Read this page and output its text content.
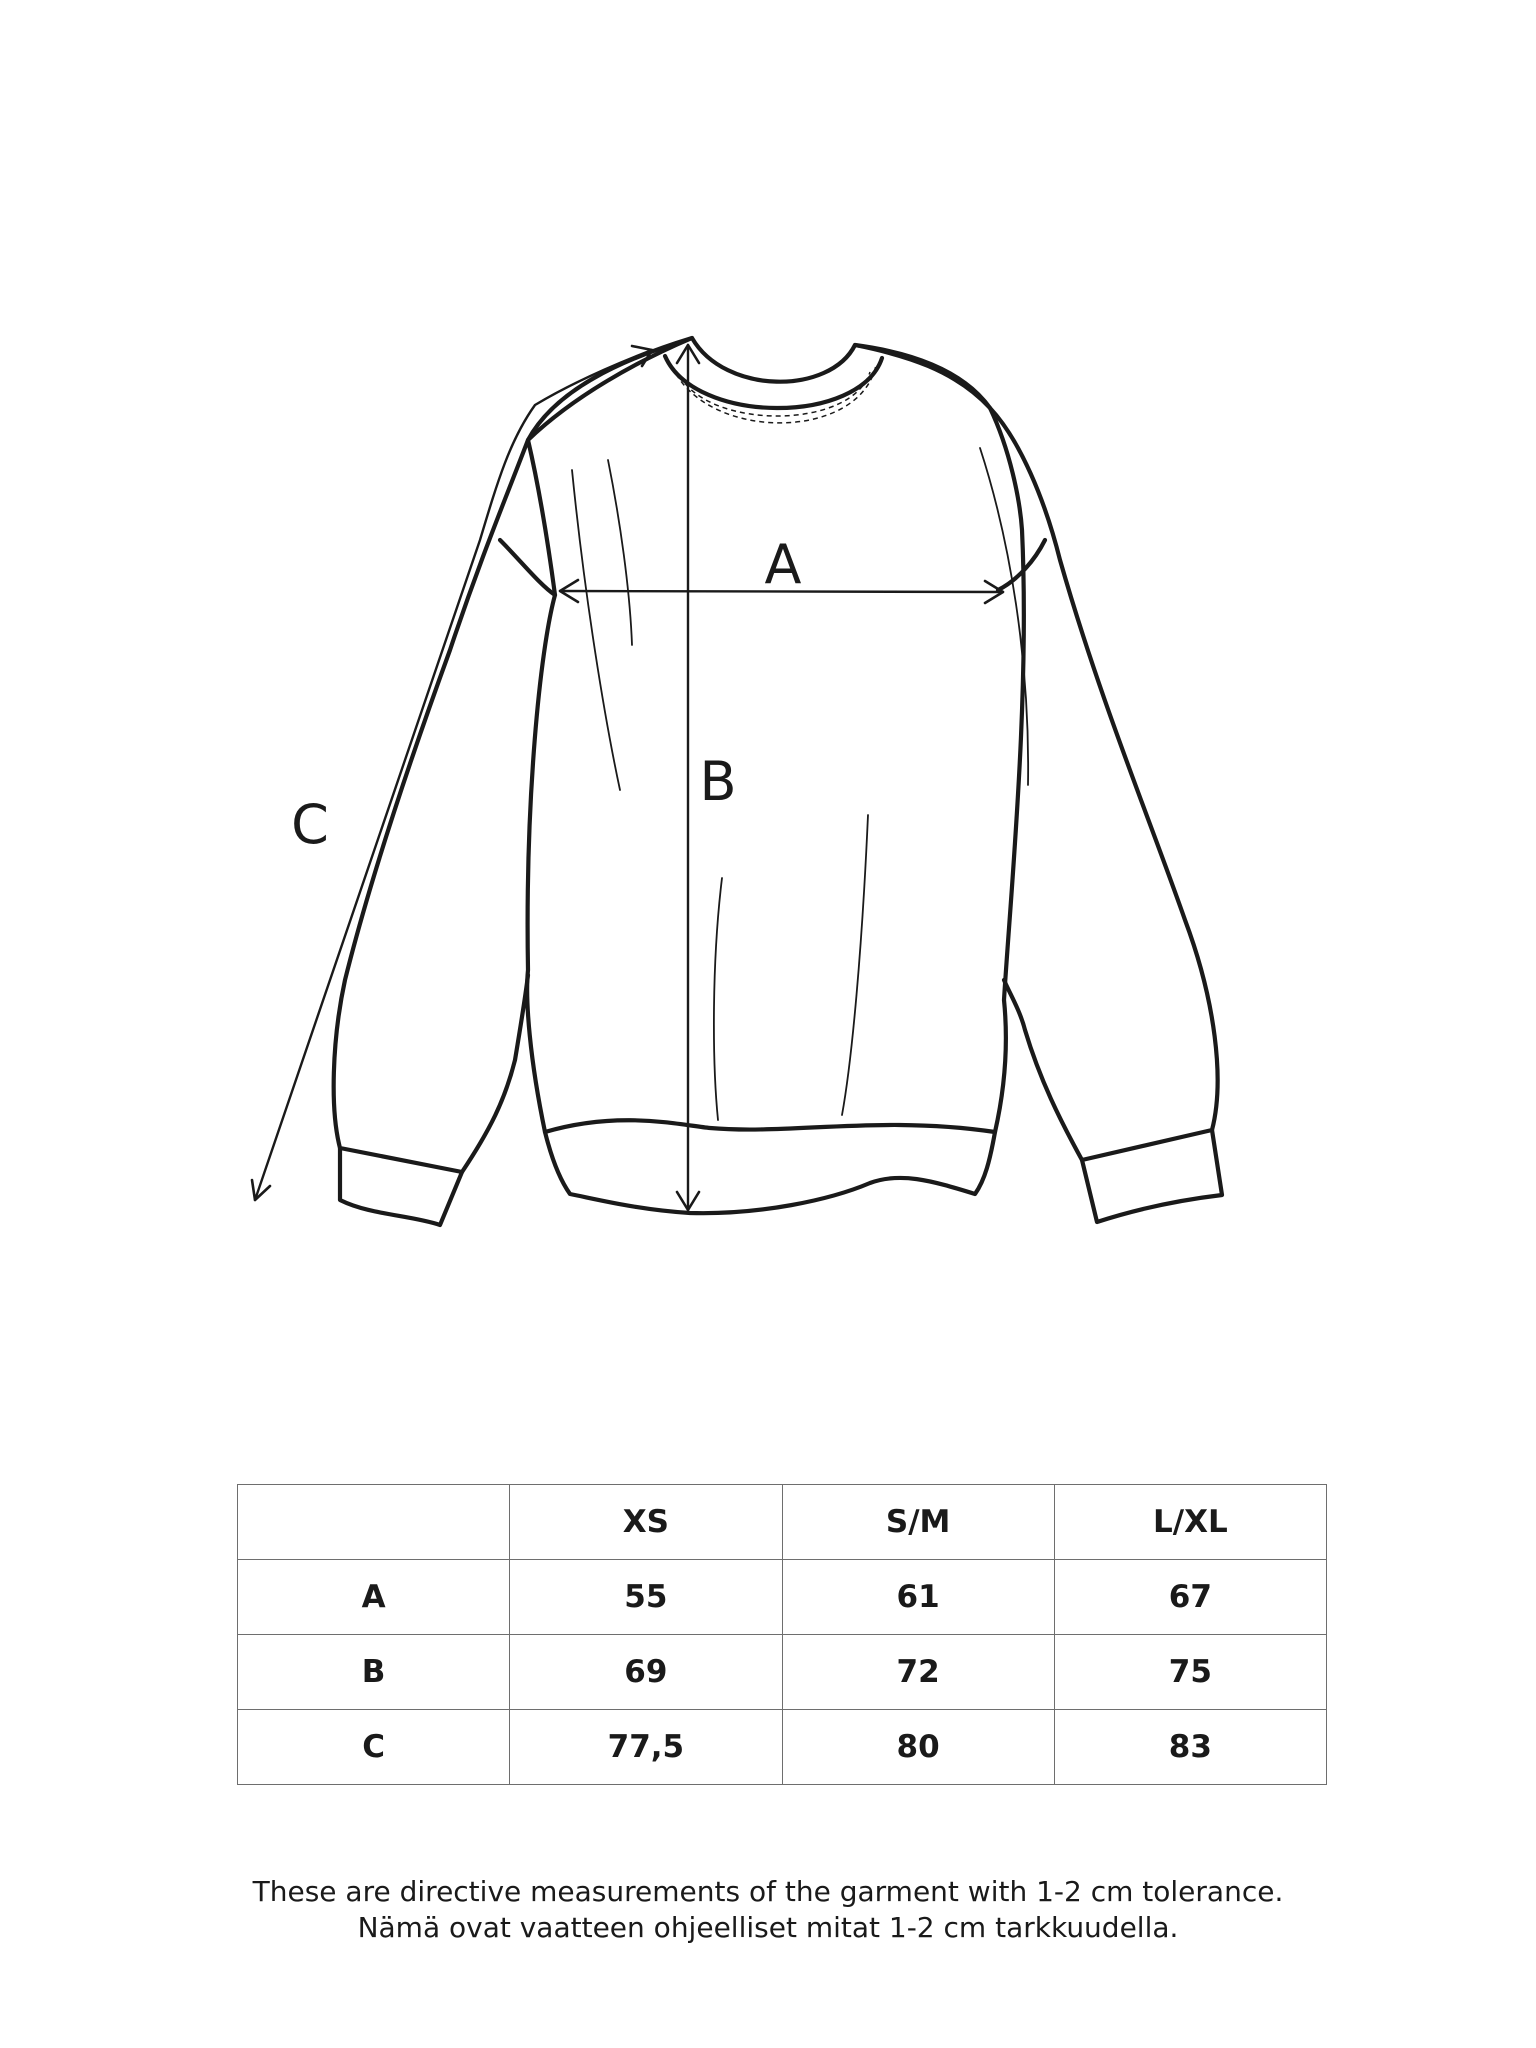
A
B
C
	XS	S/M	L/XL
A	55	61	67
B	69	72	75
C	77,5	80	83
These are directive measurements of the garment with 1-2 cm tolerance.
Nämä ovat vaatteen ohjeelliset mitat 1-2 cm tarkkuudella.
